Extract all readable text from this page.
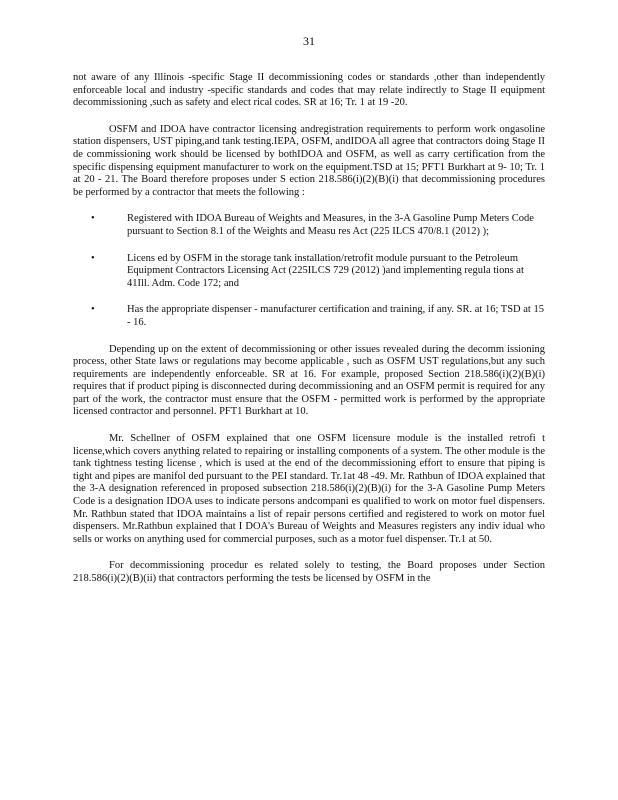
31

not aware of any Illinois -specific Stage II decommissioning codes or standards ,other than independently enforceable local and industry -specific standards and codes that may relate indirectly to Stage II equipment decommissioning ,such as safety and elect rical codes. SR at 16; Tr. 1 at 19 -20.

OSFM and IDOA have contractor licensing andregistration requirements to perform work ongasoline station dispensers, UST piping,and tank testing.IEPA, OSFM, andIDOA all agree that contractors doing Stage II de commissioning work should be licensed by bothIDOA and OSFM, as well as carry certification from the specific dispensing equipment manufacturer to work on the equipment.TSD at 15; PFT1 Burkhart at 9- 10; Tr. 1 at 20 - 21. The Board therefore proposes under S ection 218.586(i)(2)(B)(i) that decommissioning procedures be performed by a contractor that meets the following :

•	Registered with IDOA Bureau of Weights and Measures, in the 3-A Gasoline Pump Meters Code pursuant to Section 8.1 of the Weights and Measu res Act (225 ILCS 470/8.1 (2012) );
•	Licens ed by OSFM in the storage tank installation/retrofit module pursuant to the Petroleum Equipment Contractors Licensing Act (225ILCS 729 (2012) )and implementing regula tions at 41Ill. Adm. Code 172; and
•	Has the appropriate dispenser - manufacturer certification and training, if any. SR. at 16; TSD at 15 - 16.

Depending up on the extent of decommissioning or other issues revealed during the decomm issioning process, other State laws or regulations may become applicable , such as OSFM UST regulations,but any such requirements are independently enforceable. SR at 16. For example, proposed Section 218.586(i)(2)(B)(i) requires that if product piping is disconnected during decommissioning and an OSFM permit is required for any part of the work, the contractor must ensure that the OSFM - permitted work is performed by the appropriate licensed contractor and personnel. PFT1 Burkhart at 10.

Mr. Schellner of OSFM explained that one OSFM licensure module is the installed retrofi t license,which covers anything related to repairing or installing components of a system. The other module is the tank tightness testing license , which is used at the end of the decommissioning effort to ensure that piping is tight and pipes are manifol ded pursuant to the PEI standard. Tr.1at 48 -49. Mr. Rathbun of IDOA explained that the 3-A designation referenced in proposed subsection 218.586(i)(2)(B)(i) for the 3-A Gasoline Pump Meters Code is a designation IDOA uses to indicate persons andcompani es qualified to work on motor fuel dispensers. Mr. Rathbun stated that IDOA maintains a list of repair persons certified and registered to work on motor fuel dispensers. Mr.Rathbun explained that I DOA's Bureau of Weights and Measures registers any indiv idual who sells or works on anything used for commercial purposes, such as a motor fuel dispenser. Tr.1 at 50.

For decommissioning procedur es related solely to testing, the Board proposes under Section 218.586(i)(2)(B)(ii) that contractors performing the tests be licensed by OSFM in the
